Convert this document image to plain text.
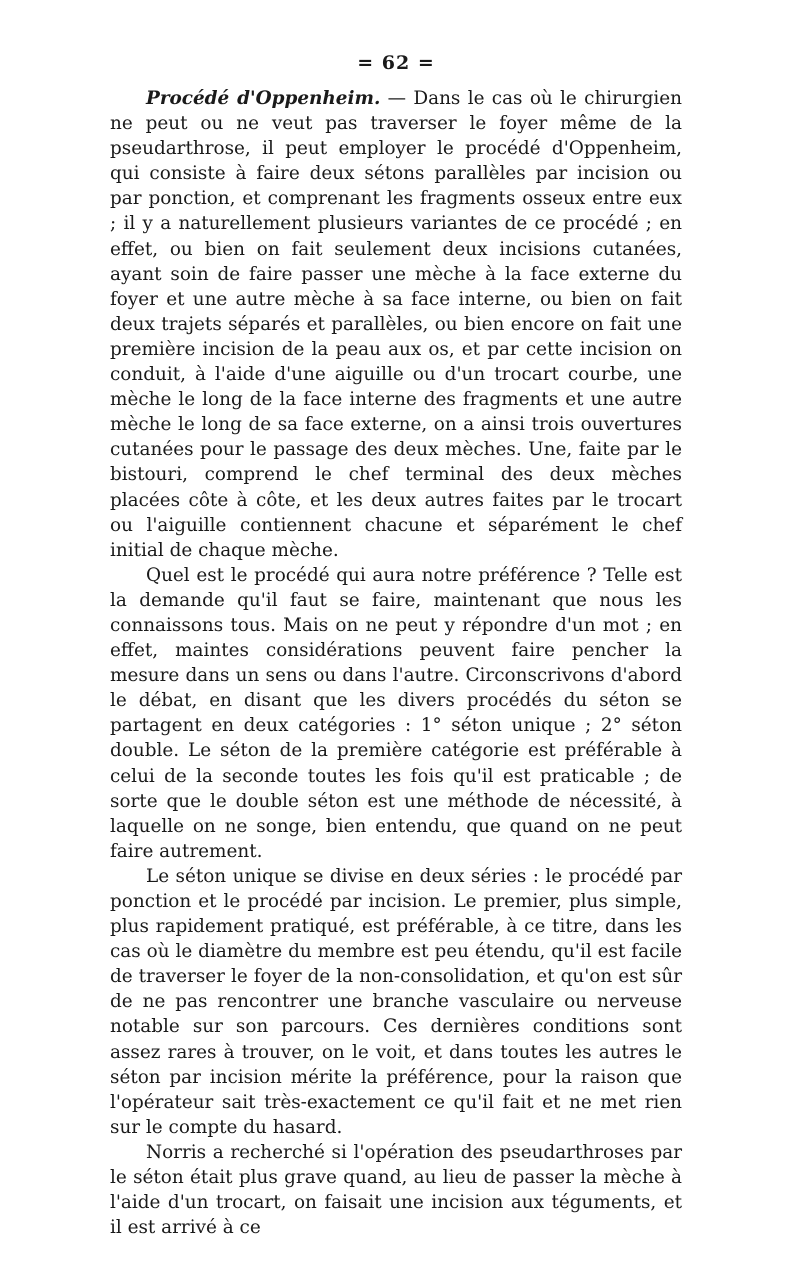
= 62 =

Procédé d'Oppenheim. — Dans le cas où le chirurgien ne peut ou ne veut pas traverser le foyer même de la pseudarthrose, il peut employer le procédé d'Oppenheim, qui consiste à faire deux sétons parallèles par incision ou par ponction, et comprenant les fragments osseux entre eux ; il y a naturellement plusieurs variantes de ce procédé ; en effet, ou bien on fait seulement deux incisions cutanées, ayant soin de faire passer une mèche à la face externe du foyer et une autre mèche à sa face interne, ou bien on fait deux trajets séparés et parallèles, ou bien encore on fait une première incision de la peau aux os, et par cette incision on conduit, à l'aide d'une aiguille ou d'un trocart courbe, une mèche le long de la face interne des fragments et une autre mèche le long de sa face externe, on a ainsi trois ouvertures cutanées pour le passage des deux mèches. Une, faite par le bistouri, comprend le chef terminal des deux mèches placées côte à côte, et les deux autres faites par le trocart ou l'aiguille contiennent chacune et séparément le chef initial de chaque mèche.

Quel est le procédé qui aura notre préférence ? Telle est la demande qu'il faut se faire, maintenant que nous les connaissons tous. Mais on ne peut y répondre d'un mot ; en effet, maintes considérations peuvent faire pencher la mesure dans un sens ou dans l'autre. Circonscrivons d'abord le débat, en disant que les divers procédés du séton se partagent en deux catégories : 1° séton unique ; 2° séton double. Le séton de la première catégorie est préférable à celui de la seconde toutes les fois qu'il est praticable ; de sorte que le double séton est une méthode de nécessité, à laquelle on ne songe, bien entendu, que quand on ne peut faire autrement.

Le séton unique se divise en deux séries : le procédé par ponction et le procédé par incision. Le premier, plus simple, plus rapidement pratiqué, est préférable, à ce titre, dans les cas où le diamètre du membre est peu étendu, qu'il est facile de traverser le foyer de la non-consolidation, et qu'on est sûr de ne pas rencontrer une branche vasculaire ou nerveuse notable sur son parcours. Ces dernières conditions sont assez rares à trouver, on le voit, et dans toutes les autres le séton par incision mérite la préférence, pour la raison que l'opérateur sait très-exactement ce qu'il fait et ne met rien sur le compte du hasard.

Norris a recherché si l'opération des pseudarthroses par le séton était plus grave quand, au lieu de passer la mèche à l'aide d'un trocart, on faisait une incision aux téguments, et il est arrivé à ce
